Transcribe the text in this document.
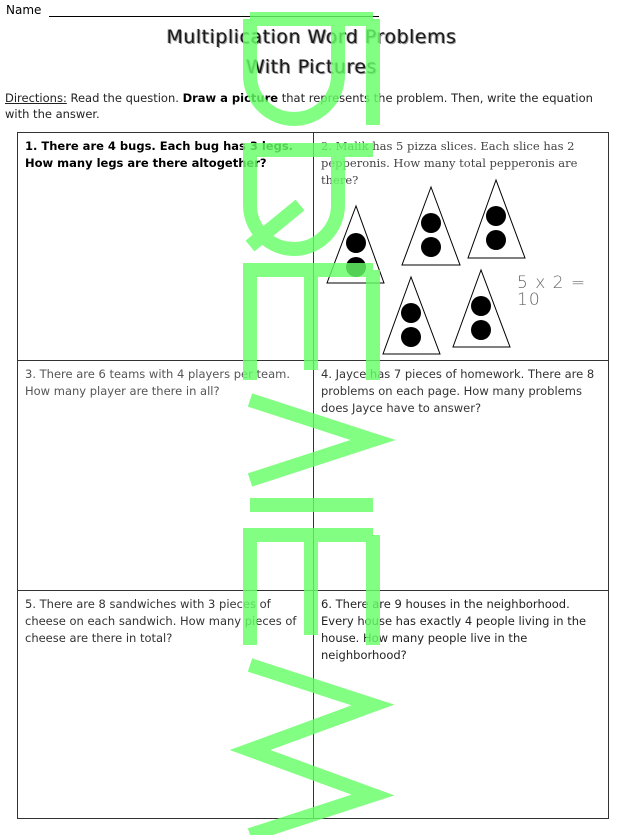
Name
Multiplication Word Problems
With Pictures
Directions: Read the question. Draw a picture that represents the problem. Then, write the equation with the answer.
1. There are 4 bugs. Each bug has 3 legs. How many legs are there altogether?
2. Malik has 5 pizza slices. Each slice has 2 pepperonis. How many total pepperonis are there?
5 x 2 = 10
3. There are 6 teams with 4 players per team. How many player are there in all?
4. Jayce has 7 pieces of homework. There are 8 problems on each page. How many problems does Jayce have to answer?
5. There are 8 sandwiches with 3 pieces of cheese on each sandwich. How many pieces of cheese are there in total?
6. There are 9 houses in the neighborhood. Every house has exactly 4 people living in the house. How many people live in the neighborhood?
